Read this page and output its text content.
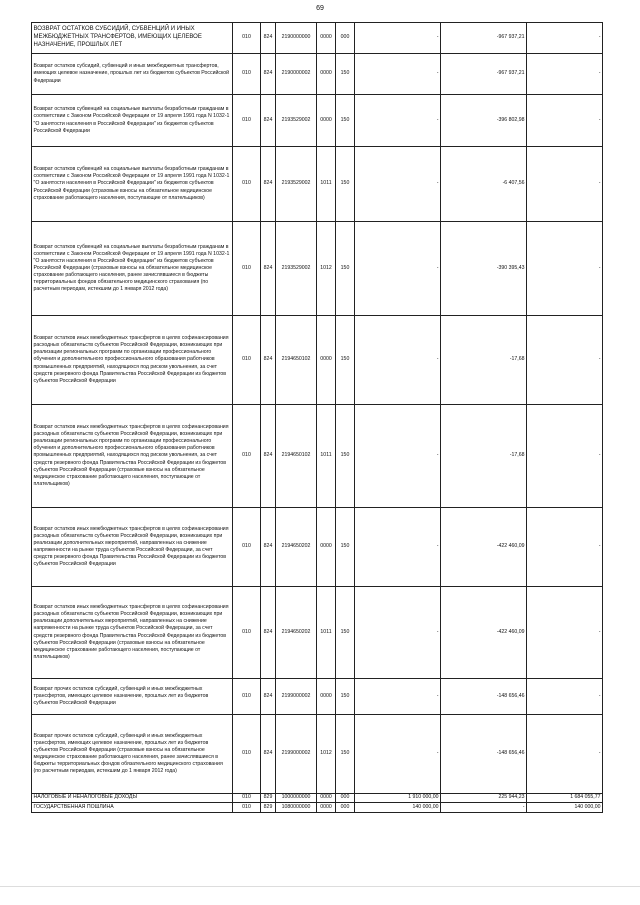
69
ВОЗВРАТ ОСТАТКОВ СУБСИДИЙ, СУБВЕНЦИЙ И ИНЫХ МЕЖБЮДЖЕТНЫХ ТРАНСФЕРТОВ, ИМЕЮЩИХ ЦЕЛЕВОЕ НАЗНАЧЕНИЕ, ПРОШЛЫХ ЛЕТ	010	824	2190000000	0000	000	-	-967 937,21	-
Возврат остатков субсидий, субвенций и иных межбюджетных трансфертов, имеющих целевое назначение, прошлых лет из бюджетов субъектов Российской Федерации	010	824	2190000002	0000	150	-	-967 937,21	-
Возврат остатков субвенций на социальные выплаты безработным гражданам в соответствии с Законом Российской Федерации от 19 апреля 1991 года N 1032-1 "О занятости населения в Российской Федерации" из бюджетов субъектов Российской Федерации	010	824	2193529002	0000	150	-	-396 802,98	-
Возврат остатков субвенций на социальные выплаты безработным гражданам в соответствии с Законом Российской Федерации от 19 апреля 1991 года N 1032-1 "О занятости населения в Российской Федерации" из бюджетов субъектов Российской Федерации (страховые взносы на обязательное медицинское страхование работающего населения, поступающие от плательщиков)	010	824	2193529002	1011	150	-	-6 407,56	-
Возврат остатков субвенций на социальные выплаты безработным гражданам в соответствии с Законом Российской Федерации от 19 апреля 1991 года N 1032-1 "О занятости населения в Российской Федерации" из бюджетов субъектов Российской Федерации (страховые взносы на обязательное медицинское страхование работающего населения, ранее зачислявшиеся в бюджеты территориальных фондов обязательного медицинского страхования (по расчетным периодам, истекшим до 1 января 2012 года)	010	824	2193529002	1012	150	-	-390 395,43	-
Возврат остатков иных межбюджетных трансфертов в целях софинансирования расходных обязательств субъектов Российской Федерации, возникающих при реализации региональных программ по организации профессионального обучения и дополнительного профессионального образования работников промышленных предприятий, находящихся под риском увольнения, за счет средств резервного фонда Правительства Российской Федерации из бюджетов субъектов Российской Федерации	010	824	2194650102	0000	150	-	-17,68	-
Возврат остатков иных межбюджетных трансфертов в целях софинансирования расходных обязательств субъектов Российской Федерации, возникающих при реализации региональных программ по организации профессионального обучения и дополнительного профессионального образования работников промышленных предприятий, находящихся под риском увольнения, за счет средств резервного фонда Правительства Российской Федерации из бюджетов субъектов Российской Федерации (страховые взносы на обязательное медицинское страхование работающего населения, поступающие от плательщиков)	010	824	2194650102	1011	150	-	-17,68	-
Возврат остатков иных межбюджетных трансфертов в целях софинансирования расходных обязательств субъектов Российской Федерации, возникающих при реализации дополнительных мероприятий, направленных на снижение напряженности на рынке труда субъектов Российской Федерации, за счет средств резервного фонда Правительства Российской Федерации из бюджетов субъектов Российской Федерации	010	824	2194650202	0000	150	-	-422 460,09	-
Возврат остатков иных межбюджетных трансфертов в целях софинансирования расходных обязательств субъектов Российской Федерации, возникающих при реализации дополнительных мероприятий, направленных на снижение напряженности на рынке труда субъектов Российской Федерации, за счет средств резервного фонда Правительства Российской Федерации из бюджетов субъектов Российской Федерации (страховые взносы на обязательное медицинское страхование работающего населения, поступающие от плательщиков)	010	824	2194650202	1011	150	-	-422 460,09	-
Возврат прочих остатков субсидий, субвенций и иных межбюджетных трансфертов, имеющих целевое назначение, прошлых лет из бюджетов субъектов Российской Федерации	010	824	2199000002	0000	150	-	-148 656,46	-
Возврат прочих остатков субсидий, субвенций и иных межбюджетных трансфертов, имеющих целевое назначение, прошлых лет из бюджетов субъектов Российской Федерации (страховые взносы на обязательное медицинское страхование работающего населения, ранее зачислявшиеся в бюджеты территориальных фондов обязательного медицинского страхования (по расчетным периодам, истекшим до 1 января 2012 года)	010	824	2199000002	1012	150	-	-148 656,46	-
НАЛОГОВЫЕ И НЕНАЛОГОВЫЕ ДОХОДЫ	010	829	1000000000	0000	000	1 910 000,00	225 944,23	1 684 055,77
ГОСУДАРСТВЕННАЯ ПОШЛИНА	010	829	1080000000	0000	000	140 000,00	-	140 000,00
